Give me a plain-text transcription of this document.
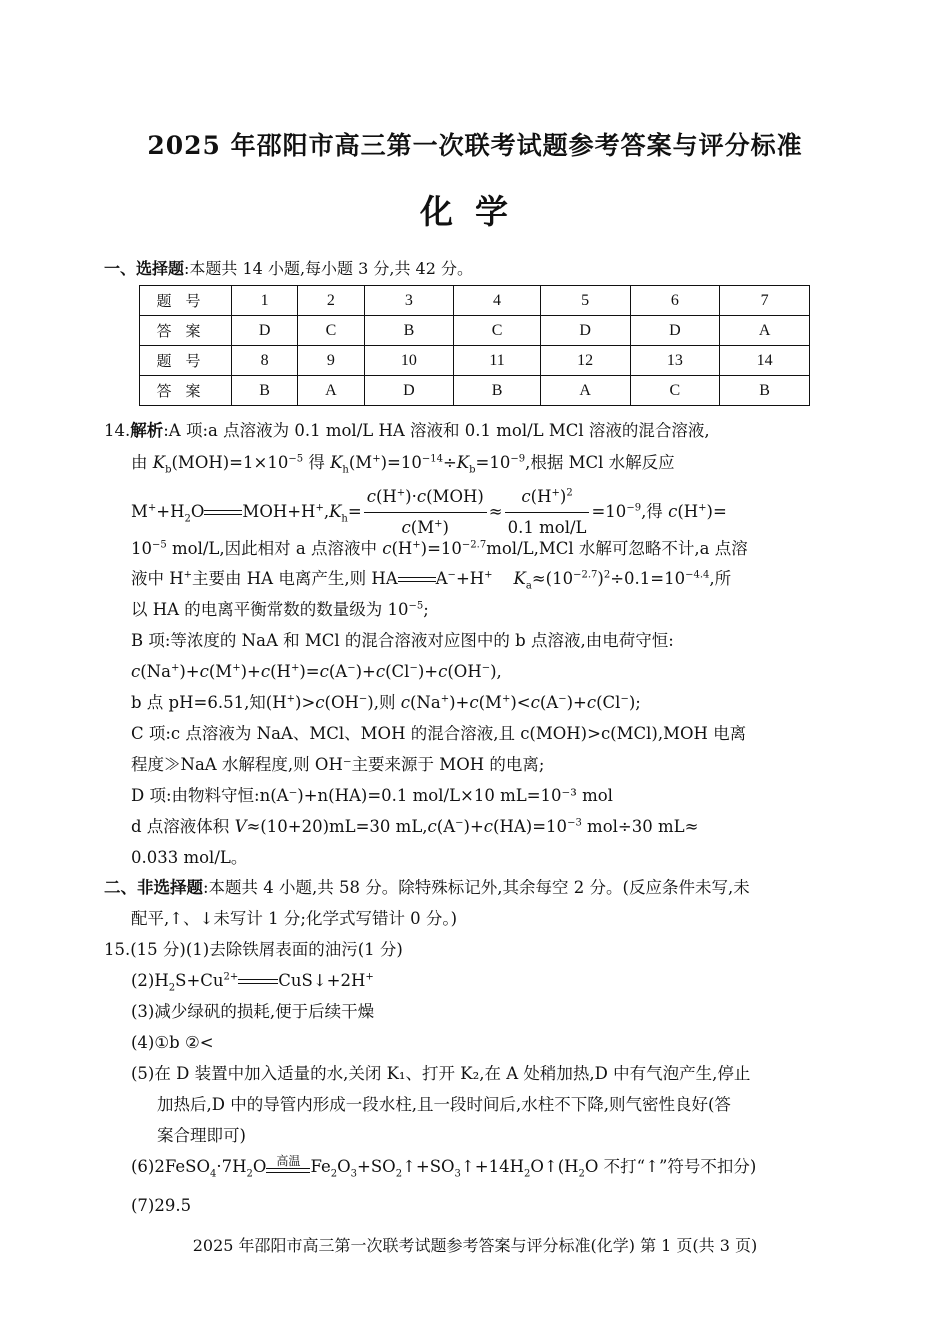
2025 年邵阳市高三第一次联考试题参考答案与评分标准
化学
一、选择题:本题共 14 小题,每小题 3 分,共 42 分。
题号	1	2	3	4	5	6	7
答案	D	C	B	C	D	D	A
题号	8	9	10	11	12	13	14
答案	B	A	D	B	A	C	B
14.解析:A 项:a 点溶液为 0.1 mol/L HA 溶液和 0.1 mol/L MCl 溶液的混合溶液,
由 $K_b(MOH)=1\times 10^{-5}$ 得 $K_h(M^+)=10^{-14}\div K_b=10^{-9}$,根据 MCl 水解反应
$M^++H_2O$ $MOH+H^+,K_h= \frac{c(H^+)\cdot c(MOH)}{c(M^+)} \approx \frac{c(H^+)^2}{\text{0.1 mol/L}} =10^{-9}$,得 c(H+)=
$10^{-5}$ mol/L,因此相对 a 点溶液中 $c(H^+)=10^{-2.7}mol/L,MCl$ 水解可忽略不计,a 点溶
液中 H+主要由 HA 电离产生,则 HA A−+H+ $K_a\approx(10^{-2.7})^2\div 0.1=10^{-4.4}$,所
以 HA 的电离平衡常数的数量级为 $10^{-5}$;
B 项:等浓度的 NaA 和 MCl 的混合溶液对应图中的 b 点溶液,由电荷守恒:
c(Na+)+c(M+)+c(H+)=c(A−)+c(Cl−)+c(OH−),
b 点 pH=6.51,知(H+)>c(OH−),则 c(Na+)+c(M+)<c(A−)+c(Cl−);
C 项:c 点溶液为 NaA、MCl、MOH 的混合溶液,且 c(MOH)>c(MCl),MOH 电离
程度≫NaA 水解程度,则 OH⁻主要来源于 MOH 的电离;
D 项:由物料守恒:n(A⁻)+n(HA)=0.1 mol/L×10 mL=10⁻³ mol
d 点溶液体积 V≈(10+20)mL=30 $mL,c(A^-)+c(HA)=10^{-3}$ mol÷30 mL≈
0.033 mol/L。
二、非选择题:本题共 4 小题,共 58 分。除特殊标记外,其余每空 2 分。(反应条件未写,未
配平,↑、↓未写计 1 分;化学式写错计 0 分。)
15.(15 分)(1)去除铁屑表面的油污(1 分)
$(2)H_2S+Cu^{2+}$ CuS↓+2H+
(3)减少绿矾的损耗,便于后续干燥
(4)①b ②<
(5)在 D 装置中加入适量的水,关闭 K₁、打开 K₂,在 A 处稍加热,D 中有气泡产生,停止
加热后,D 中的导管内形成一段水柱,且一段时间后,水柱不下降,则气密性良好(答
案合理即可)
$(6)2FeSO_4\cdot 7H_2O$ 高温 $Fe_2O_3+SO_2↑+SO_3↑+14H_2O↑(H_2O$ 不打“↑”符号不扣分)
(7)29.5
2025 年邵阳市高三第一次联考试题参考答案与评分标准(化学) 第 1 页(共 3 页)
